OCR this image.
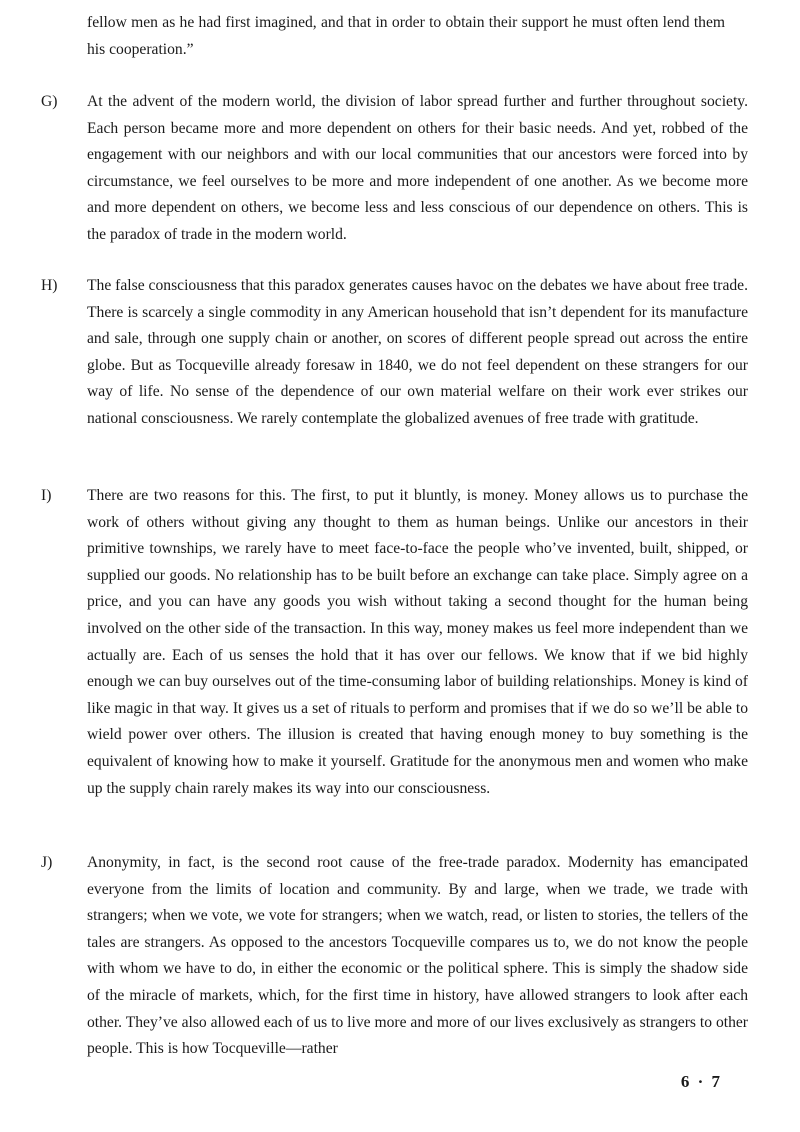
fellow men as he had first imagined, and that in order to obtain their support he must often lend them his cooperation.”

G) At the advent of the modern world, the division of labor spread further and further throughout society. Each person became more and more dependent on others for their basic needs. And yet, robbed of the engagement with our neighbors and with our local communities that our ancestors were forced into by circumstance, we feel ourselves to be more and more independent of one another. As we become more and more dependent on others, we become less and less conscious of our dependence on others. This is the paradox of trade in the modern world.

H) The false consciousness that this paradox generates causes havoc on the debates we have about free trade. There is scarcely a single commodity in any American household that isn’t dependent for its manufacture and sale, through one supply chain or another, on scores of different people spread out across the entire globe. But as Tocqueville already foresaw in 1840, we do not feel dependent on these strangers for our way of life. No sense of the dependence of our own material welfare on their work ever strikes our national consciousness. We rarely contemplate the globalized avenues of free trade with gratitude.

I) There are two reasons for this. The first, to put it bluntly, is money. Money allows us to purchase the work of others without giving any thought to them as human beings. Unlike our ancestors in their primitive townships, we rarely have to meet face-to-face the people who’ve invented, built, shipped, or supplied our goods. No relationship has to be built before an exchange can take place. Simply agree on a price, and you can have any goods you wish without taking a second thought for the human being involved on the other side of the transaction. In this way, money makes us feel more independent than we actually are. Each of us senses the hold that it has over our fellows. We know that if we bid highly enough we can buy ourselves out of the time-consuming labor of building relationships. Money is kind of like magic in that way. It gives us a set of rituals to perform and promises that if we do so we’ll be able to wield power over others. The illusion is created that having enough money to buy something is the equivalent of knowing how to make it yourself. Gratitude for the anonymous men and women who make up the supply chain rarely makes its way into our consciousness.

J) Anonymity, in fact, is the second root cause of the free-trade paradox. Modernity has emancipated everyone from the limits of location and community. By and large, when we trade, we trade with strangers; when we vote, we vote for strangers; when we watch, read, or listen to stories, the tellers of the tales are strangers. As opposed to the ancestors Tocqueville compares us to, we do not know the people with whom we have to do, in either the economic or the political sphere. This is simply the shadow side of the miracle of markets, which, for the first time in history, have allowed strangers to look after each other. They’ve also allowed each of us to live more and more of our lives exclusively as strangers to other people. This is how Tocqueville—rather

6 · 7
